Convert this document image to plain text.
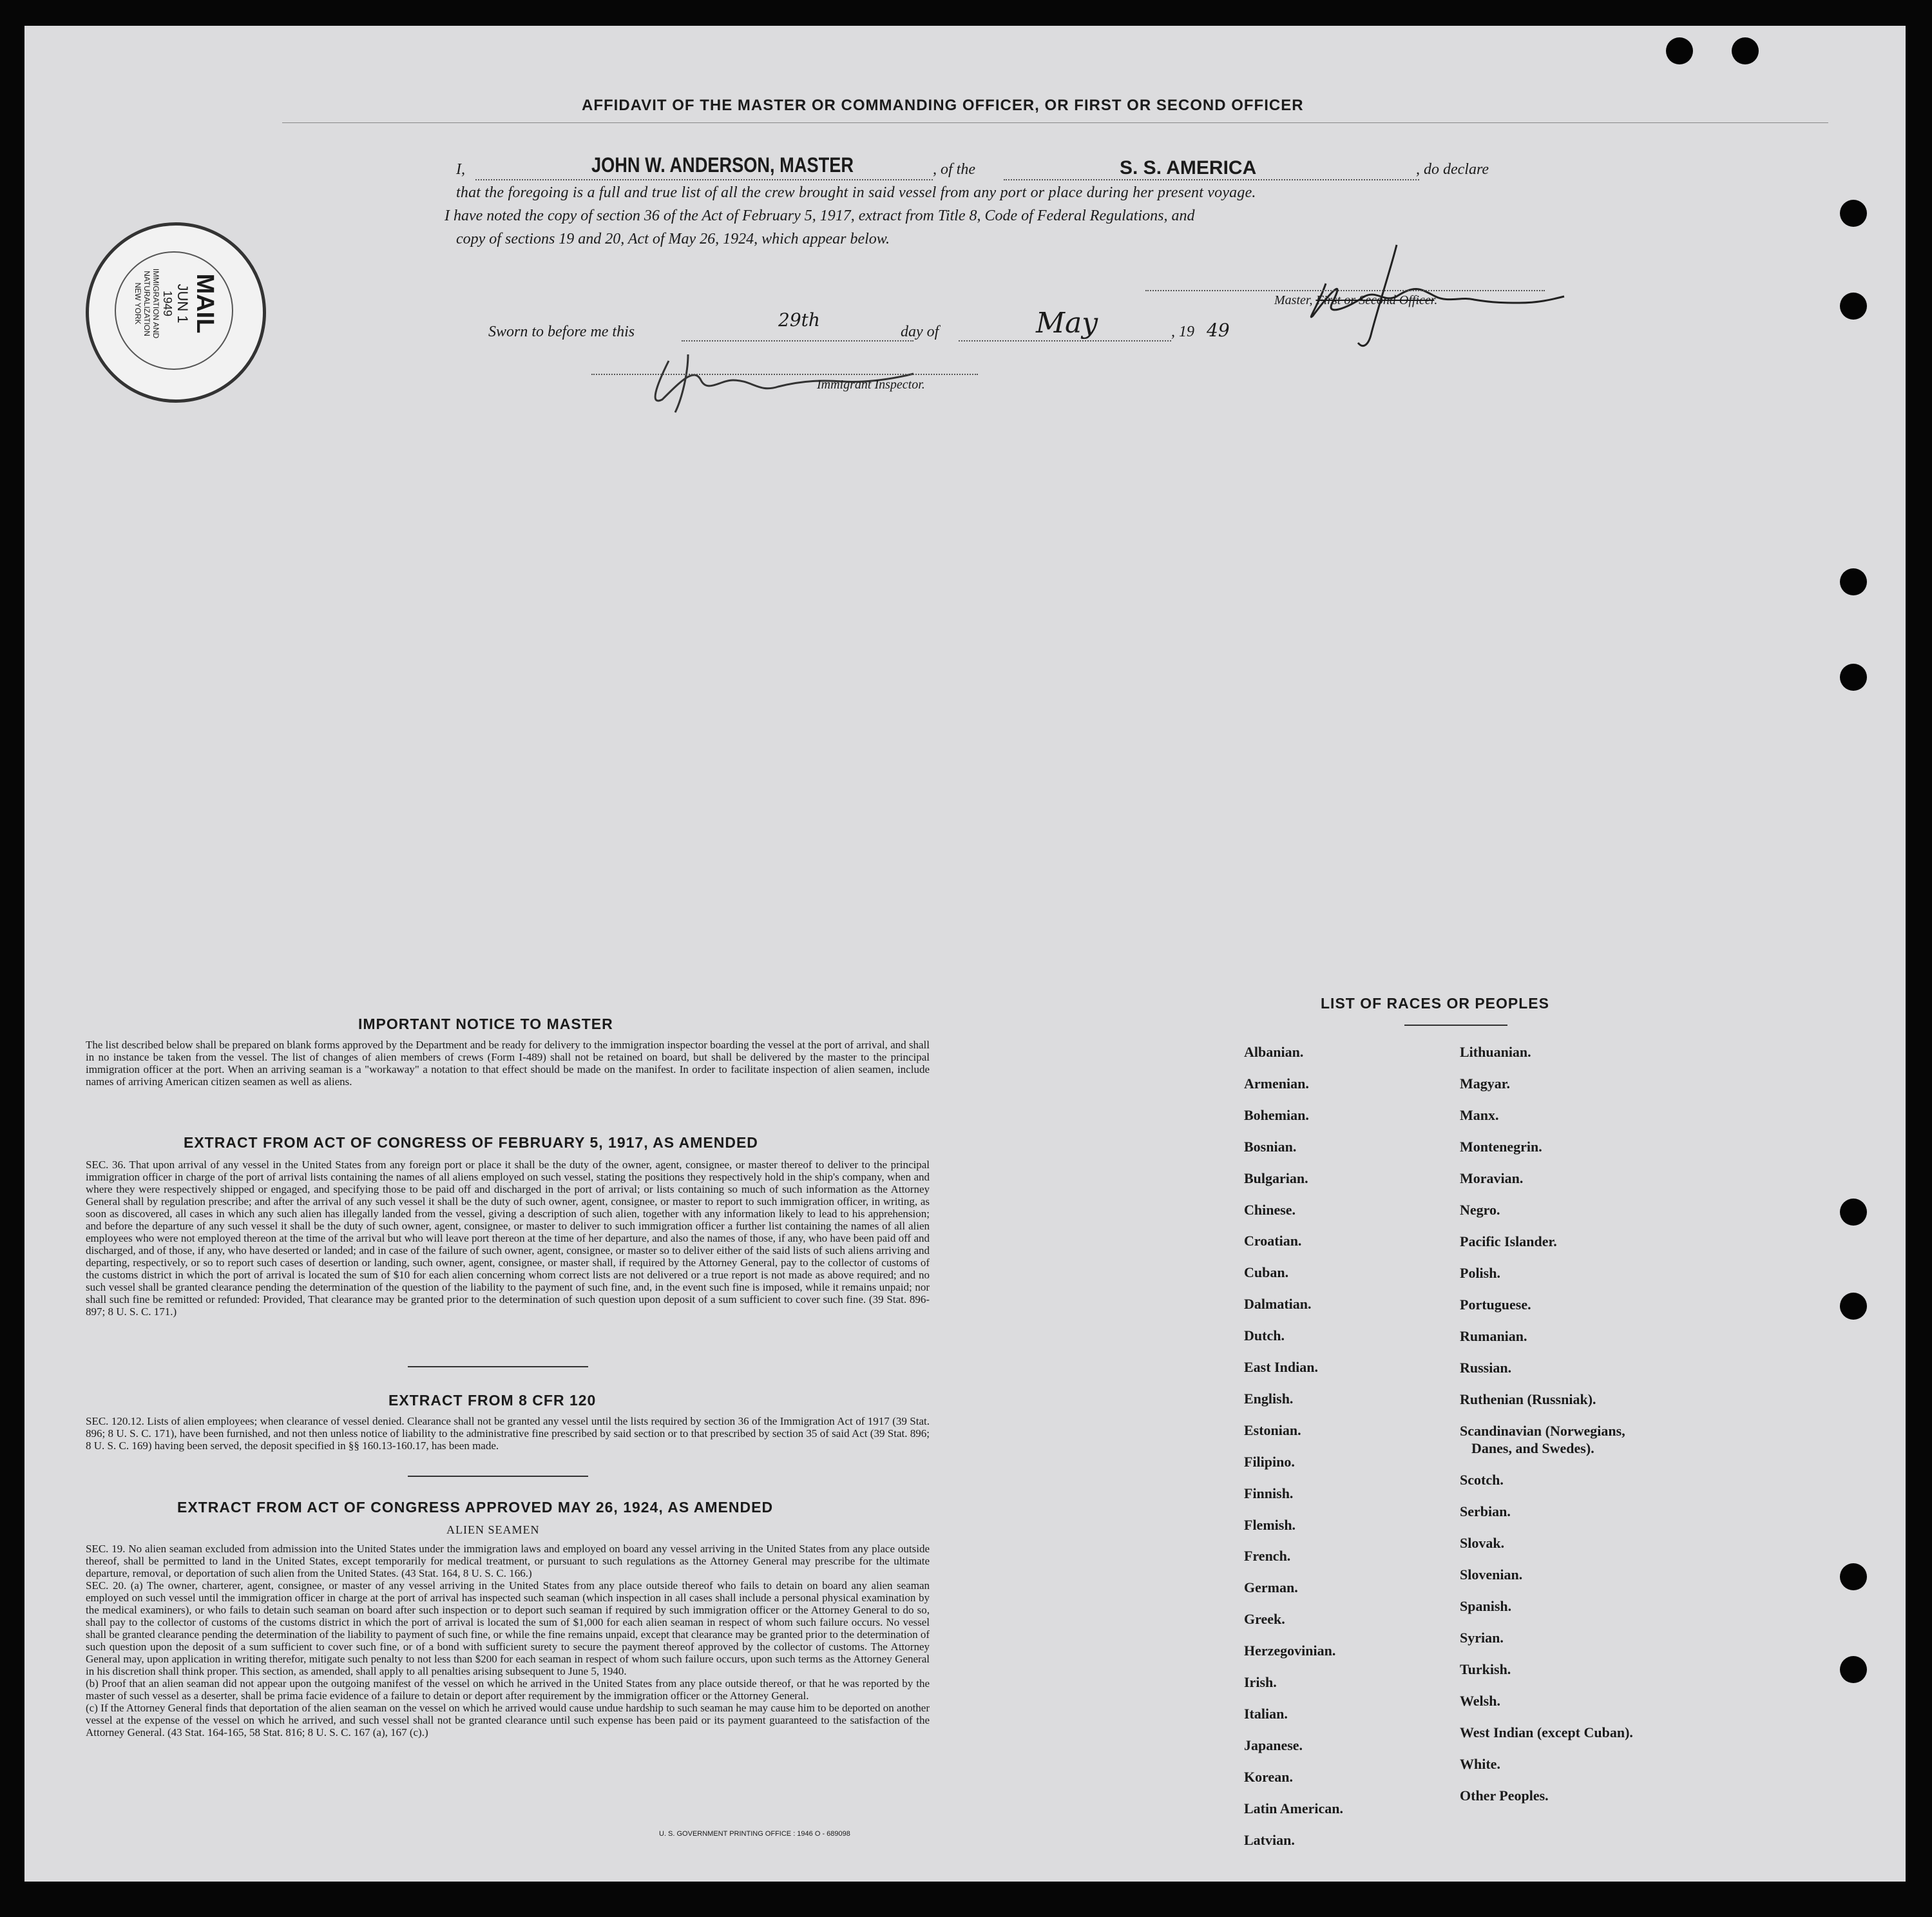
AFFIDAVIT OF THE MASTER OR COMMANDING OFFICER, OR FIRST OR SECOND OFFICER
I,	JOHN W. ANDERSON, MASTER	, of the	S. S. AMERICA	, do declare
that the foregoing is a full and true list of all the crew brought in said vessel from any port or place during her present voyage.
I have noted the copy of section 36 of the Act of February 5, 1917, extract from Title 8, Code of Federal Regulations, and
copy of sections 19 and 20, Act of May 26, 1924, which appear below.
Master, First or Second Officer.
Sworn to before me this
29th
day of	May	, 19 49
Immigrant Inspector.
MAIL
JUN 1
1949
IMMIGRATION AND
NATURALIZATION
NEW YORK
IMPORTANT NOTICE TO MASTER
The list described below shall be prepared on blank forms approved by the Department and be ready for delivery to the immigration inspector boarding the vessel at the port of arrival, and shall in no instance be taken from the vessel. The list of changes of alien members of crews (Form I-489) shall not be retained on board, but shall be delivered by the master to the principal immigration officer at the port. When an arriving seaman is a "workaway" a notation to that effect should be made on the manifest. In order to facilitate inspection of alien seamen, include names of arriving American citizen seamen as well as aliens.
EXTRACT FROM ACT OF CONGRESS OF FEBRUARY 5, 1917, AS AMENDED
SEC. 36. That upon arrival of any vessel in the United States from any foreign port or place it shall be the duty of the owner, agent, consignee, or master thereof to deliver to the principal immigration officer in charge of the port of arrival lists containing the names of all aliens employed on such vessel, stating the positions they respectively hold in the ship's company, when and where they were respectively shipped or engaged, and specifying those to be paid off and discharged in the port of arrival; or lists containing so much of such information as the Attorney General shall by regulation prescribe; and after the arrival of any such vessel it shall be the duty of such owner, agent, consignee, or master to report to such immigration officer, in writing, as soon as discovered, all cases in which any such alien has illegally landed from the vessel, giving a description of such alien, together with any information likely to lead to his apprehension; and before the departure of any such vessel it shall be the duty of such owner, agent, consignee, or master to deliver to such immigration officer a further list containing the names of all alien employees who were not employed thereon at the time of the arrival but who will leave port thereon at the time of her departure, and also the names of those, if any, who have been paid off and discharged, and of those, if any, who have deserted or landed; and in case of the failure of such owner, agent, consignee, or master so to deliver either of the said lists of such aliens arriving and departing, respectively, or so to report such cases of desertion or landing, such owner, agent, consignee, or master shall, if required by the Attorney General, pay to the collector of customs of the customs district in which the port of arrival is located the sum of $10 for each alien concerning whom correct lists are not delivered or a true report is not made as above required; and no such vessel shall be granted clearance pending the determination of the question of the liability to the payment of such fine, and, in the event such fine is imposed, while it remains unpaid; nor shall such fine be remitted or refunded: Provided, That clearance may be granted prior to the determination of such question upon deposit of a sum sufficient to cover such fine. (39 Stat. 896-897; 8 U. S. C. 171.)
EXTRACT FROM 8 CFR 120
SEC. 120.12. Lists of alien employees; when clearance of vessel denied. Clearance shall not be granted any vessel until the lists required by section 36 of the Immigration Act of 1917 (39 Stat. 896; 8 U. S. C. 171), have been furnished, and not then unless notice of liability to the administrative fine prescribed by said section or to that prescribed by section 35 of said Act (39 Stat. 896; 8 U. S. C. 169) having been served, the deposit specified in §§ 160.13-160.17, has been made.
EXTRACT FROM ACT OF CONGRESS APPROVED MAY 26, 1924, AS AMENDED
ALIEN SEAMEN
SEC. 19. No alien seaman excluded from admission into the United States under the immigration laws and employed on board any vessel arriving in the United States from any place outside thereof, shall be permitted to land in the United States, except temporarily for medical treatment, or pursuant to such regulations as the Attorney General may prescribe for the ultimate departure, removal, or deportation of such alien from the United States. (43 Stat. 164, 8 U. S. C. 166.)
SEC. 20. (a) The owner, charterer, agent, consignee, or master of any vessel arriving in the United States from any place outside thereof who fails to detain on board any alien seaman employed on such vessel until the immigration officer in charge at the port of arrival has inspected such seaman (which inspection in all cases shall include a personal physical examination by the medical examiners), or who fails to detain such seaman on board after such inspection or to deport such seaman if required by such immigration officer or the Attorney General to do so, shall pay to the collector of customs of the customs district in which the port of arrival is located the sum of $1,000 for each alien seaman in respect of whom such failure occurs. No vessel shall be granted clearance pending the determination of the liability to payment of such fine, or while the fine remains unpaid, except that clearance may be granted prior to the determination of such question upon the deposit of a sum sufficient to cover such fine, or of a bond with sufficient surety to secure the payment thereof approved by the collector of customs. The Attorney General may, upon application in writing therefor, mitigate such penalty to not less than $200 for each seaman in respect of whom such failure occurs, upon such terms as the Attorney General in his discretion shall think proper. This section, as amended, shall apply to all penalties arising subsequent to June 5, 1940.
(b) Proof that an alien seaman did not appear upon the outgoing manifest of the vessel on which he arrived in the United States from any place outside thereof, or that he was reported by the master of such vessel as a deserter, shall be prima facie evidence of a failure to detain or deport after requirement by the immigration officer or the Attorney General.
(c) If the Attorney General finds that deportation of the alien seaman on the vessel on which he arrived would cause undue hardship to such seaman he may cause him to be deported on another vessel at the expense of the vessel on which he arrived, and such vessel shall not be granted clearance until such expense has been paid or its payment guaranteed to the satisfaction of the Attorney General. (43 Stat. 164-165, 58 Stat. 816; 8 U. S. C. 167 (a), 167 (c).)
U. S. GOVERNMENT PRINTING OFFICE : 1946 O - 689098
LIST OF RACES OR PEOPLES
Albanian.
Armenian.
Bohemian.
Bosnian.
Bulgarian.
Chinese.
Croatian.
Cuban.
Dalmatian.
Dutch.
East Indian.
English.
Estonian.
Filipino.
Finnish.
Flemish.
French.
German.
Greek.
Herzegovinian.
Irish.
Italian.
Japanese.
Korean.
Latin American.
Latvian.
Lithuanian.
Magyar.
Manx.
Montenegrin.
Moravian.
Negro.
Pacific Islander.
Polish.
Portuguese.
Rumanian.
Russian.
Ruthenian (Russniak).
Scandinavian (Norwegians,
Danes, and Swedes).
Scotch.
Serbian.
Slovak.
Slovenian.
Spanish.
Syrian.
Turkish.
Welsh.
West Indian (except Cuban).
White.
Other Peoples.
